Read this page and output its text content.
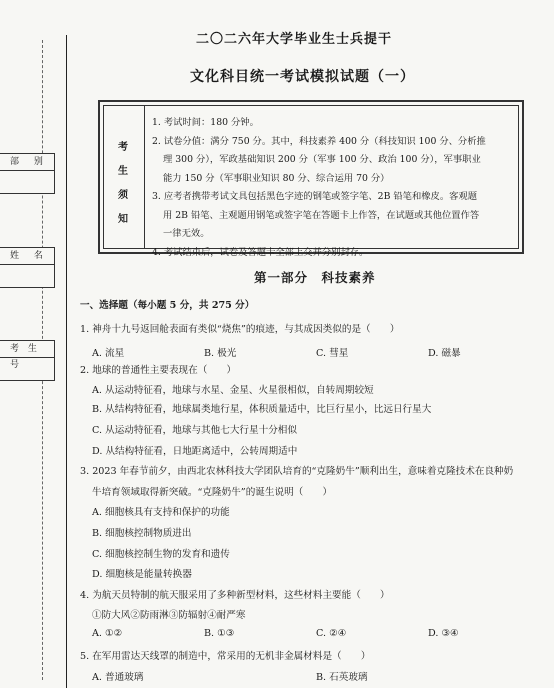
部 别
姓 名
考 生 号
二〇二六年大学毕业生士兵提干
文化科目统一考试模拟试题（一）
考
生
须
知
1. 考试时间：180 分钟。
2. 试卷分值：满分 750 分。其中，科技素养 400 分（科技知识 100 分、分析推
理 300 分），军政基础知识 200 分（军事 100 分、政治 100 分），军事职业
能力 150 分（军事职业知识 80 分、综合运用 70 分）
3. 应考者携带考试文具包括黑色字迹的钢笔或签字笔、2B 铅笔和橡皮。客观题
用 2B 铅笔、主观题用钢笔或签字笔在答题卡上作答，在试题或其他位置作答
一律无效。
4. 考试结束后，试卷及答题卡全部上交并分别封存。
第一部分　科技素养
一、选择题（每小题 5 分，共 275 分）
1. 神舟十九号返回舱表面有类似“烧焦”的痕迹，与其成因类似的是（　　）
A. 流星	B. 极光	C. 彗星	D. 磁暴
2. 地球的普通性主要表现在（　　）
A. 从运动特征看，地球与水星、金星、火星很相似，自转周期较短
B. 从结构特征看，地球属类地行星，体积质量适中，比巨行星小，比远日行星大
C. 从运动特征看，地球与其他七大行星十分相似
D. 从结构特征看，日地距离适中，公转周期适中
3. 2023 年春节前夕，由西北农林科技大学团队培育的“克隆奶牛”顺利出生，意味着克隆技术在良种奶
牛培育领域取得新突破。“克隆奶牛”的诞生说明（　　）
A. 细胞核具有支持和保护的功能
B. 细胞核控制物质进出
C. 细胞核控制生物的发育和遗传
D. 细胞核是能量转换器
4. 为航天员特制的航天服采用了多种新型材料，这些材料主要能（　　）
①防大风②防雨淋③防辐射④耐严寒
A. ①②	B. ①③	C. ②④	D. ③④
5. 在军用雷达天线罩的制造中，常采用的无机非金属材料是（　　）
A. 普通玻璃	B. 石英玻璃
